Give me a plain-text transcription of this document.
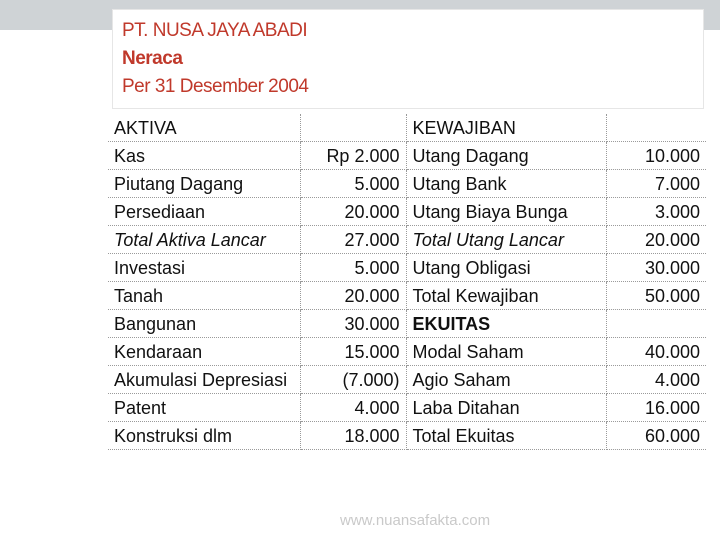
PT. NUSA JAYA ABADI
Neraca
Per 31 Desember 2004
AKTIVA		KEWAJIBAN	
Kas	Rp 2.000	Utang Dagang	10.000
Piutang Dagang	5.000	Utang Bank	7.000
Persediaan	20.000	Utang Biaya Bunga	3.000
Total Aktiva Lancar	27.000	Total Utang Lancar	20.000
Investasi	5.000	Utang Obligasi	30.000
Tanah	20.000	Total Kewajiban	50.000
Bangunan	30.000	EKUITAS	
Kendaraan	15.000	Modal Saham	40.000
Akumulasi Depresiasi	(7.000)	Agio Saham	4.000
Patent	4.000	Laba Ditahan	16.000
Konstruksi dlm	18.000	Total Ekuitas	60.000
www.nuansafakta.com
